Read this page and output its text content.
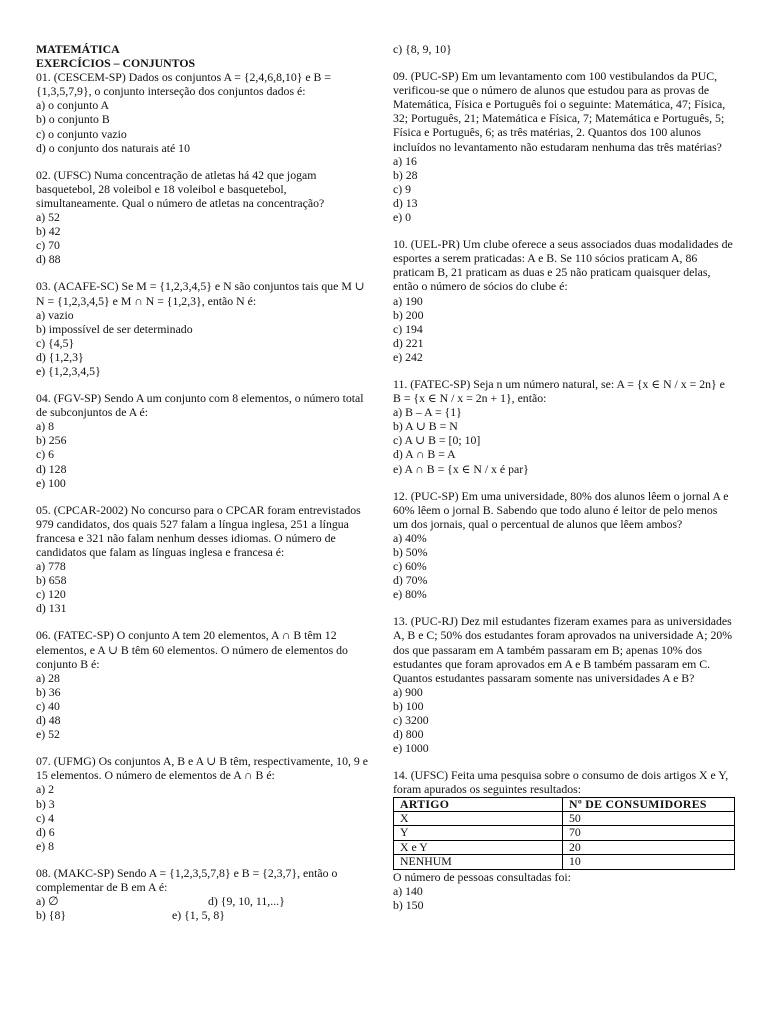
MATEMÁTICA
EXERCÍCIOS – CONJUNTOS
01. (CESCEM-SP) Dados os conjuntos A = {2,4,6,8,10} e B = {1,3,5,7,9}, o conjunto interseção dos conjuntos dados é:
a) o conjunto A
b) o conjunto B
c) o conjunto vazio
d) o conjunto dos naturais até 10
02. (UFSC) Numa concentração de atletas há 42 que jogam basquetebol, 28 voleibol e 18 voleibol e basquetebol, simultaneamente. Qual o número de atletas na concentração?
a) 52
b) 42
c) 70
d) 88
03. (ACAFE-SC) Se M = {1,2,3,4,5} e N são conjuntos tais que M ∪ N = {1,2,3,4,5} e M ∩ N = {1,2,3}, então N é:
a) vazio
b) impossível de ser determinado
c) {4,5}
d) {1,2,3}
e) {1,2,3,4,5}
04. (FGV-SP) Sendo A um conjunto com 8 elementos, o número total de subconjuntos de A é:
a) 8
b) 256
c) 6
d) 128
e) 100
05. (CPCAR-2002) No concurso para o CPCAR foram entrevistados 979 candidatos, dos quais 527 falam a língua inglesa, 251 a língua francesa e 321 não falam nenhum desses idiomas. O número de candidatos que falam as línguas inglesa e francesa é:
a) 778
b) 658
c) 120
d) 131
06. (FATEC-SP) O conjunto A tem 20 elementos, A ∩ B têm 12 elementos, e A ∪ B têm 60 elementos. O número de elementos do conjunto B é:
a) 28
b) 36
c) 40
d) 48
e) 52
07. (UFMG) Os conjuntos A, B e A ∪ B têm, respectivamente, 10, 9 e 15 elementos. O número de elementos de A ∩ B é:
a) 2
b) 3
c) 4
d) 6
e) 8
08. (MAKC-SP) Sendo A = {1,2,3,5,7,8} e B = {2,3,7}, então o complementar de B em A é:
a) ∅	d) {9, 10, 11,...}
b) {8}	e) {1, 5, 8}
c) {8, 9, 10}
09. (PUC-SP) Em um levantamento com 100 vestibulandos da PUC, verificou-se que o número de alunos que estudou para as provas de Matemática, Física e Português foi o seguinte: Matemática, 47; Física, 32; Português, 21; Matemática e Física, 7; Matemática e Português, 5; Física e Português, 6; as três matérias, 2. Quantos dos 100 alunos incluídos no levantamento não estudaram nenhuma das três matérias?
a) 16
b) 28
c) 9
d) 13
e) 0
10. (UEL-PR) Um clube oferece a seus associados duas modalidades de esportes a serem praticadas: A e B. Se 110 sócios praticam A, 86 praticam B, 21 praticam as duas e 25 não praticam quaisquer delas, então o número de sócios do clube é:
a) 190
b) 200
c) 194
d) 221
e) 242
11. (FATEC-SP) Seja n um número natural, se: A = {x ∈ N / x = 2n} e B = {x ∈ N / x = 2n + 1}, então:
a) B – A = {1}
b) A ∪ B = N
c) A ∪ B = [0; 10]
d) A ∩ B = A
e) A ∩ B = {x ∈ N / x é par}
12. (PUC-SP) Em uma universidade, 80% dos alunos lêem o jornal A e 60% lêem o jornal B. Sabendo que todo aluno é leitor de pelo menos um dos jornais, qual o percentual de alunos que lêem ambos?
a) 40%
b) 50%
c) 60%
d) 70%
e) 80%
13. (PUC-RJ) Dez mil estudantes fizeram exames para as universidades A, B e C; 50% dos estudantes foram aprovados na universidade A; 20% dos que passaram em A também passaram em B; apenas 10% dos estudantes que foram aprovados em A e B também passaram em C. Quantos estudantes passaram somente nas universidades A e B?
a) 900
b) 100
c) 3200
d) 800
e) 1000
14. (UFSC) Feita uma pesquisa sobre o consumo de dois artigos X e Y, foram apurados os seguintes resultados:
ARTIGO	Nº DE CONSUMIDORES
X	50
Y	70
X e Y	20
NENHUM	10
O número de pessoas consultadas foi:
a) 140
b) 150
